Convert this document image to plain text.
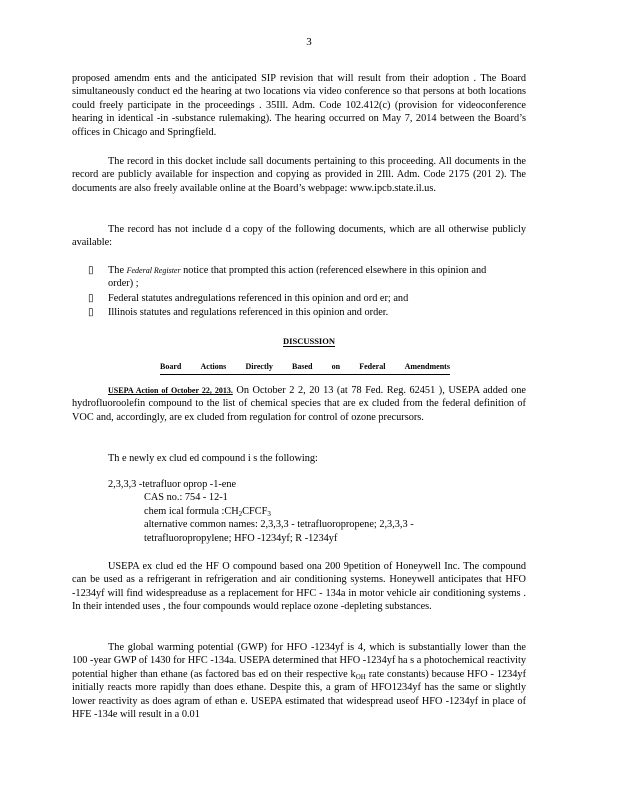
3

proposed amendm ents and the anticipated SIP revision that will result from their adoption . The Board simultaneously conduct ed the hearing at two locations via video conference so that persons at both locations could freely participate in the proceedings . 35Ill. Adm. Code 102.412(c) (provision for videoconference hearing in identical -in -substance rulemaking). The hearing occurred on May 7, 2014 between the Board’s offices in Chicago and Springfield.

The record in this docket include sall documents pertaining to this proceeding. All documents in the record are publicly available for inspection and copying as provided in 2Ill. Adm. Code 2175 (201 2). The documents are also freely available online at the Board’s webpage: www.ipcb.state.il.us.

The record has not include d a copy of the following documents, which are all otherwise publicly available:

▯	The Federal Register notice that prompted this action (referenced elsewhere in this opinion and order) ;
▯	Federal statutes andregulations referenced in this opinion and ord er; and
▯	Illinois statutes and regulations referenced in this opinion and order.
DISCUSSION
Board Actions Directly Based on Federal Amendments

USEPA Action of October 22, 2013. On October 2 2, 20 13 (at 78 Fed. Reg. 62451 ), USEPA added one hydrofluoroolefin compound to the list of chemical species that are ex cluded from the federal definition of VOC and, accordingly, are ex cluded from regulation for control of ozone precursors.

Th e newly ex clud ed compound i s the following:

2,3,3,3 -tetrafluor oprop -1-ene
CAS no.: 754 - 12-1
chem ical formula $:CH_2CFCF_3$
alternative common names: 2,3,3,3 - tetrafluoropropene; 2,3,3,3 -
tetrafluoropropylene; HFO -1234yf; R -1234yf

USEPA ex clud ed the HF O compound based ona 200 9petition of Honeywell Inc. The compound can be used as a refrigerant in refrigeration and air conditioning systems. Honeywell anticipates that HFO -1234yf will find widespreaduse as a replacement for HFC - 134a in motor vehicle air conditioning systems . In their intended uses , the four compounds would replace ozone -depleting substances.

The global warming potential (GWP) for HFO -1234yf is 4, which is substantially lower than the 100 -year GWP of 1430 for HFC -134a. USEPA determined that HFO -1234yf ha s a photochemical reactivity potential higher than ethane (as factored bas ed on their respective $k_{OH}$ rate constants) because HFO - 1234yf initially reacts more rapidly than does ethane. Despite this, a gram of HFO1234yf has the same or slightly lower reactivity as does agram of ethan e. USEPA estimated that widespread useof HFO -1234yf in place of HFE -134e will result in a 0.01
